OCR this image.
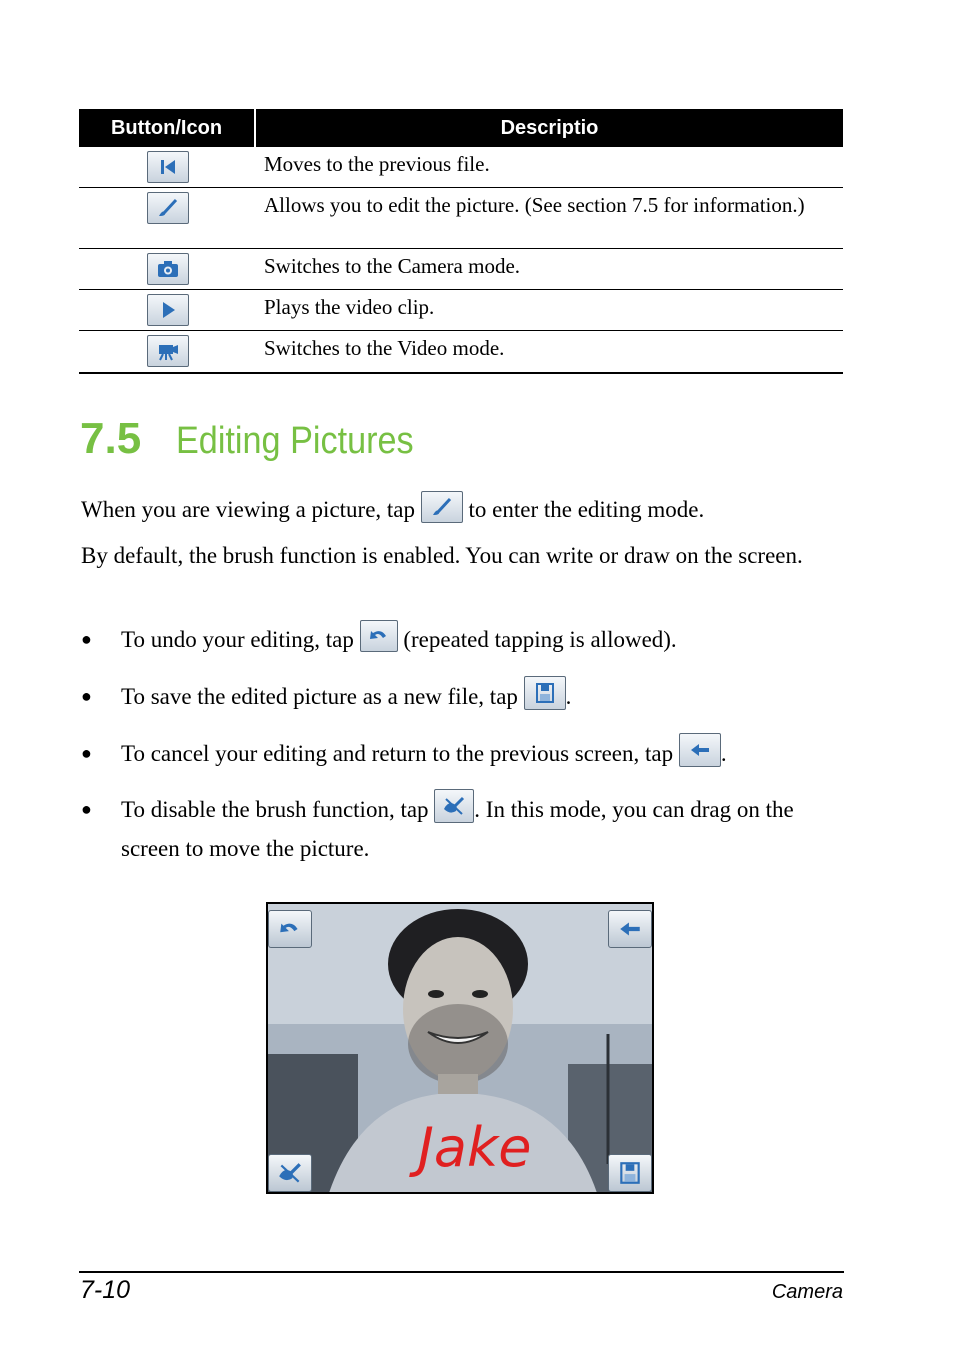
Button/Icon	Descriptio
Moves to the previous file.
Allows you to edit the picture. (See section 7.5 for information.)
Switches to the Camera mode.
Plays the video clip.
Switches to the Video mode.
7.5 Editing Pictures
When you are viewing a picture, tap to enter the editing mode.
By default, the brush function is enabled. You can write or draw on the screen.
● To undo your editing, tap (repeated tapping is allowed).
● To save the edited picture as a new file, tap .
● To cancel your editing and return to the previous screen, tap .
● To disable the brush function, tap . In this mode, you can drag on the screen to move the picture.
Jake
7-10	Camera
